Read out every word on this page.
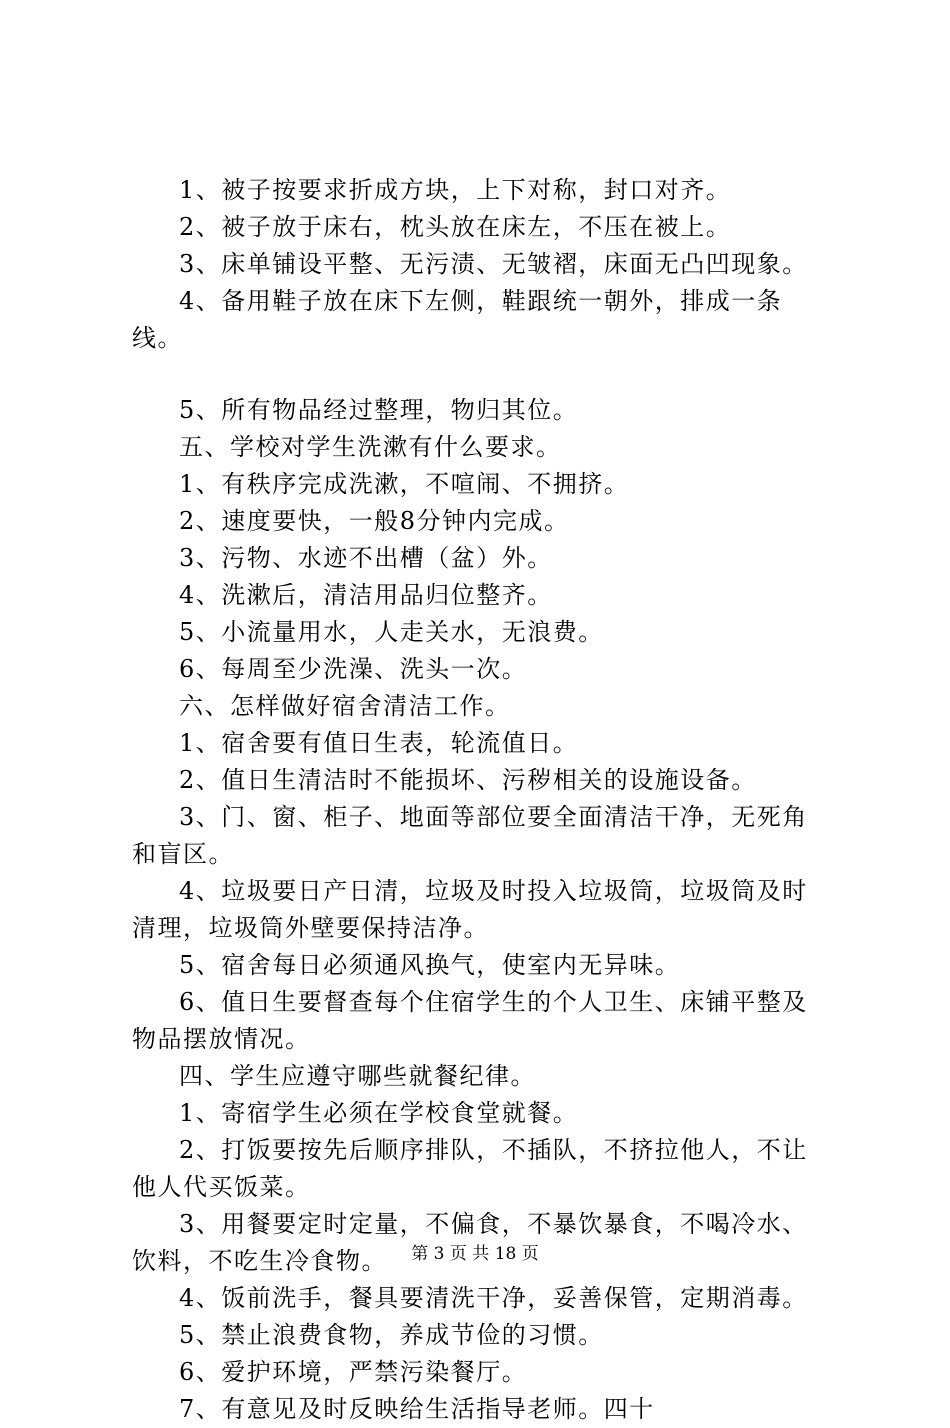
1、被子按要求折成方块，上下对称，封口对齐。

2、被子放于床右，枕头放在床左，不压在被上。

3、床单铺设平整、无污渍、无皱褶，床面无凸凹现象。

4、备用鞋子放在床下左侧，鞋跟统一朝外，排成一条线。

5、所有物品经过整理，物归其位。

五、学校对学生洗漱有什么要求。

1、有秩序完成洗漱，不喧闹、不拥挤。

2、速度要快，一般8分钟内完成。

3、污物、水迹不出槽（盆）外。

4、洗漱后，清洁用品归位整齐。

5、小流量用水，人走关水，无浪费。

6、每周至少洗澡、洗头一次。

六、怎样做好宿舍清洁工作。

1、宿舍要有值日生表，轮流值日。

2、值日生清洁时不能损坏、污秽相关的设施设备。

3、门、窗、柜子、地面等部位要全面清洁干净，无死角和盲区。

4、垃圾要日产日清，垃圾及时投入垃圾筒，垃圾筒及时清理，垃圾筒外壁要保持洁净。

5、宿舍每日必须通风换气，使室内无异味。

6、值日生要督查每个住宿学生的个人卫生、床铺平整及物品摆放情况。

四、学生应遵守哪些就餐纪律。

1、寄宿学生必须在学校食堂就餐。

2、打饭要按先后顺序排队，不插队，不挤拉他人，不让他人代买饭菜。

3、用餐要定时定量，不偏食，不暴饮暴食，不喝冷水、饮料，不吃生冷食物。

4、饭前洗手，餐具要清洗干净，妥善保管，定期消毒。

5、禁止浪费食物，养成节俭的习惯。

6、爱护环境，严禁污染餐厅。

7、有意见及时反映给生活指导老师。四十

第 3 页 共 18 页
